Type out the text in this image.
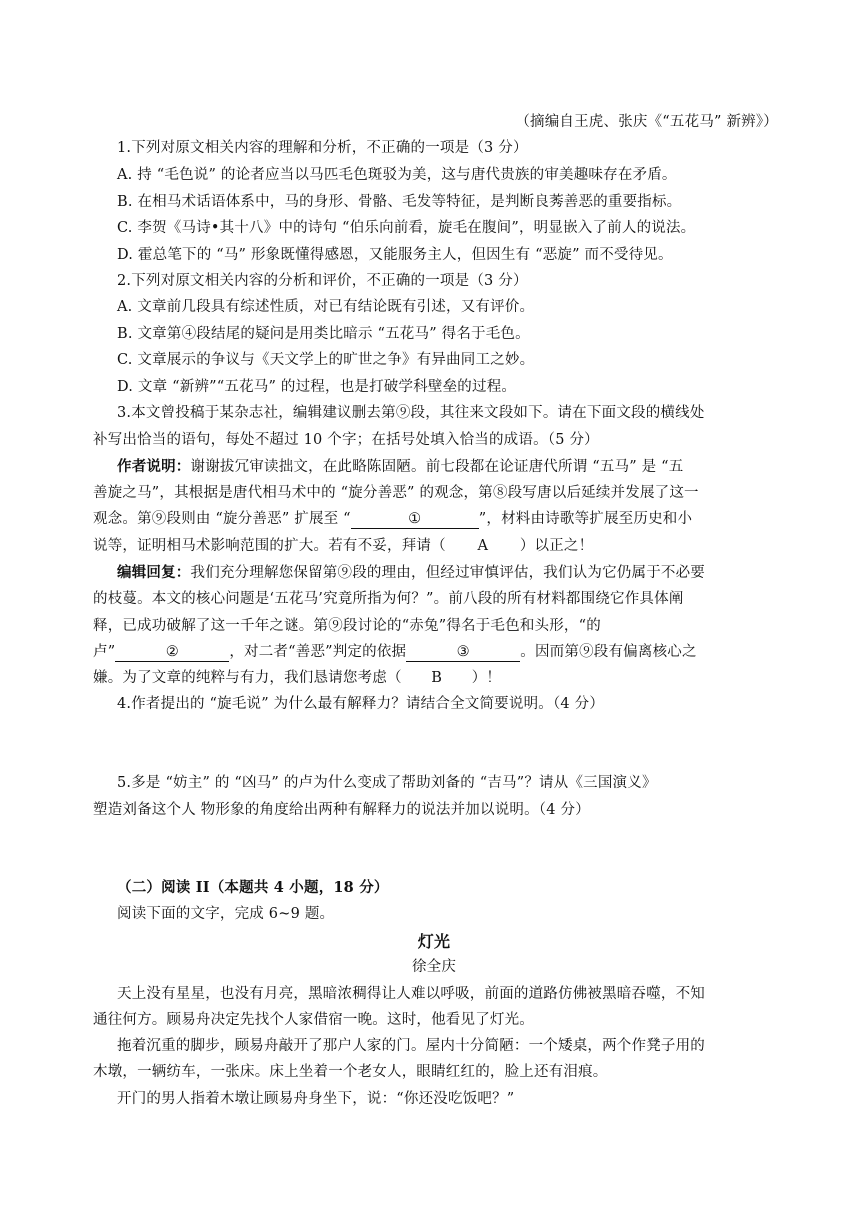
（摘编自王虎、张庆《“五花马” 新辨》）
1.下列对原文相关内容的理解和分析，不正确的一项是（3 分）
A. 持 “毛色说” 的论者应当以马匹毛色斑驳为美，这与唐代贵族的审美趣味存在矛盾。
B. 在相马术话语体系中，马的身形、骨骼、毛发等特征，是判断良莠善恶的重要指标。
C. 李贺《马诗•其十八》中的诗句 “伯乐向前看，旋毛在腹间”，明显嵌入了前人的说法。
D. 霍总笔下的 “马” 形象既懂得感恩，又能服务主人，但因生有 “恶旋” 而不受待见。
2.下列对原文相关内容的分析和评价，不正确的一项是（3 分）
A. 文章前几段具有综述性质，对已有结论既有引述，又有评价。
B. 文章第④段结尾的疑问是用类比暗示 “五花马” 得名于毛色。
C. 文章展示的争议与《天文学上的旷世之争》有异曲同工之妙。
D. 文章 “新辨”“五花马” 的过程，也是打破学科壁垒的过程。
3.本文曾投稿于某杂志社，编辑建议删去第⑨段，其往来文段如下。请在下面文段的横线处
补写出恰当的语句，每处不超过 10 个字；在括号处填入恰当的成语。（5 分）
作者说明：谢谢拔冗审读拙文，在此略陈固陋。前七段都在论证唐代所谓 “五马” 是 “五
善旋之马”，其根据是唐代相马术中的 “旋分善恶” 的观念，第⑧段写唐以后延续并发展了这一
观念。第⑨段则由 “旋分善恶” 扩展至 “	①	”，材料由诗歌等扩展至历史和小
说等，证明相马术影响范围的扩大。若有不妥，拜请（ A ）以正之！
编辑回复：我们充分理解您保留第⑨段的理由，但经过审慎评估，我们认为它仍属于不必要
的枝蔓。本文的核心问题是‘五花马’究竟所指为何？”。前八段的所有材料都围绕它作具体阐
释，已成功破解了这一千年之谜。第⑨段讨论的“赤兔”得名于毛色和头形，“的
卢”	②	，对二者“善恶”判定的依据	③	。因而第⑨段有偏离核心之
嫌。为了文章的纯粹与有力，我们恳请您考虑（ B ）！
4.作者提出的 “旋毛说” 为什么最有解释力？请结合全文简要说明。（4 分）
5.多是 “妨主” 的 “凶马” 的卢为什么变成了帮助刘备的 “吉马”？请从《三国演义》
塑造刘备这个人 物形象的角度给出两种有解释力的说法并加以说明。（4 分）
（二）阅读 II（本题共 4 小题，18 分）
阅读下面的文字，完成 6~9 题。
灯光
徐全庆
天上没有星星，也没有月亮，黑暗浓稠得让人难以呼吸，前面的道路仿佛被黑暗吞噬，不知
通往何方。顾易舟决定先找个人家借宿一晚。这时，他看见了灯光。
拖着沉重的脚步，顾易舟敲开了那户人家的门。屋内十分简陋：一个矮桌，两个作凳子用的
木墩，一辆纺车，一张床。床上坐着一个老女人，眼睛红红的，脸上还有泪痕。
开门的男人指着木墩让顾易舟身坐下，说：“你还没吃饭吧？”
